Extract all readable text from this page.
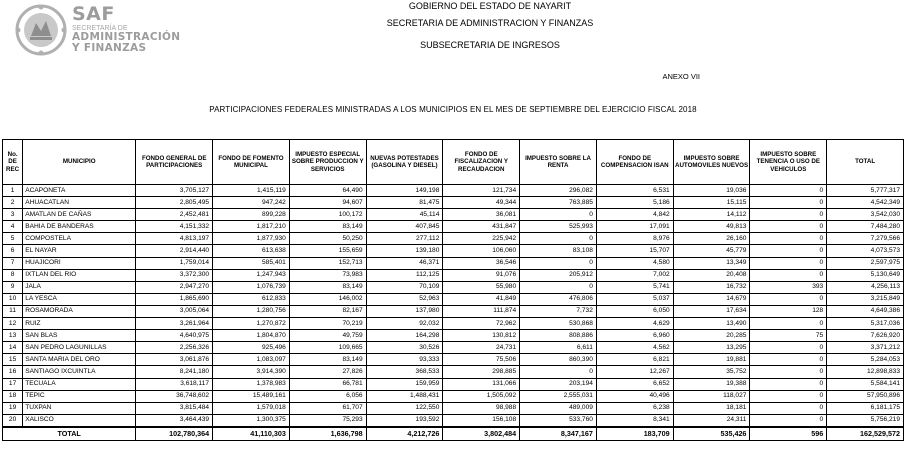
SAF
SECRETARÍA DE
ADMINISTRACIÓN
Y FINANZAS
GOBIERNO DEL ESTADO DE NAYARIT
SECRETARIA DE ADMINISTRACION Y FINANZAS
SUBSECRETARIA DE INGRESOS
ANEXO VII
PARTICIPACIONES FEDERALES MINISTRADAS A LOS MUNICIPIOS EN EL MES DE SEPTIEMBRE DEL EJERCICIO FISCAL 2018
No.
DE
REC	MUNICIPIO	FONDO GENERAL DE PARTICIPACIONES	FONDO DE FOMENTO MUNICIPAL	IMPUESTO ESPECIAL SOBRE PRODUCCION Y SERVICIOS	NUEVAS POTESTADES (GASOLINA Y DIESEL)	FONDO DE FISCALIZACION Y RECAUDACION	IMPUESTO SOBRE LA RENTA	FONDO DE COMPENSACION ISAN	IMPUESTO SOBRE AUTOMOVILES NUEVOS	IMPUESTO SOBRE TENENCIA O USO DE VEHICULOS	TOTAL
1	ACAPONETA	3,705,127	1,415,119	64,490	149,198	121,734	296,082	6,531	19,036	0	5,777,317
2	AHUACATLAN	2,805,495	947,242	94,607	81,475	49,344	763,885	5,186	15,115	0	4,542,349
3	AMATLAN DE CAÑAS	2,452,481	899,228	100,172	45,114	36,081	0	4,842	14,112	0	3,542,030
4	BAHIA DE BANDERAS	4,151,332	1,817,210	83,149	407,845	431,847	525,993	17,091	49,813	0	7,484,280
5	COMPOSTELA	4,813,197	1,877,930	50,250	277,112	225,942	0	8,976	26,160	0	7,279,566
6	EL NAYAR	2,914,440	613,638	155,659	139,180	106,060	83,108	15,707	45,779	0	4,073,573
7	HUAJICORI	1,759,014	585,401	152,713	46,371	36,546	0	4,580	13,349	0	2,597,975
8	IXTLAN DEL RIO	3,372,300	1,247,943	73,983	112,125	91,076	205,912	7,002	20,408	0	5,130,649
9	JALA	2,947,270	1,076,739	83,149	70,109	55,980	0	5,741	16,732	393	4,256,113
10	LA YESCA	1,865,690	612,833	146,002	52,963	41,849	476,806	5,037	14,679	0	3,215,849
11	ROSAMORADA	3,005,064	1,280,756	82,167	137,980	111,874	7,732	6,050	17,634	128	4,649,386
12	RUIZ	3,261,964	1,270,872	70,219	92,032	72,962	530,868	4,629	13,490	0	5,317,036
13	SAN BLAS	4,640,975	1,804,870	49,759	164,298	130,812	808,886	6,960	20,285	75	7,626,920
14	SAN PEDRO LAGUNILLAS	2,256,326	925,496	109,665	30,526	24,731	6,611	4,562	13,295	0	3,371,212
15	SANTA MARIA DEL ORO	3,061,876	1,083,097	83,149	93,333	75,506	860,390	6,821	19,881	0	5,284,053
16	SANTIAGO IXCUINTLA	8,241,180	3,914,390	27,826	368,533	298,885	0	12,267	35,752	0	12,898,833
17	TECUALA	3,618,117	1,378,983	66,781	159,959	131,066	203,194	6,652	19,388	0	5,584,141
18	TEPIC	36,748,602	15,489,161	6,056	1,488,431	1,505,092	2,555,031	40,496	118,027	0	57,950,896
19	TUXPAN	3,815,484	1,579,018	61,707	122,550	98,988	489,009	6,238	18,181	0	6,181,175
20	XALISCO	3,464,439	1,300,375	75,293	193,592	156,108	533,760	8,341	24,311	0	5,756,219
TOTAL		102,780,364	41,110,303	1,636,798	4,212,726	3,802,484	8,347,167	183,709	535,426	596	162,529,572
